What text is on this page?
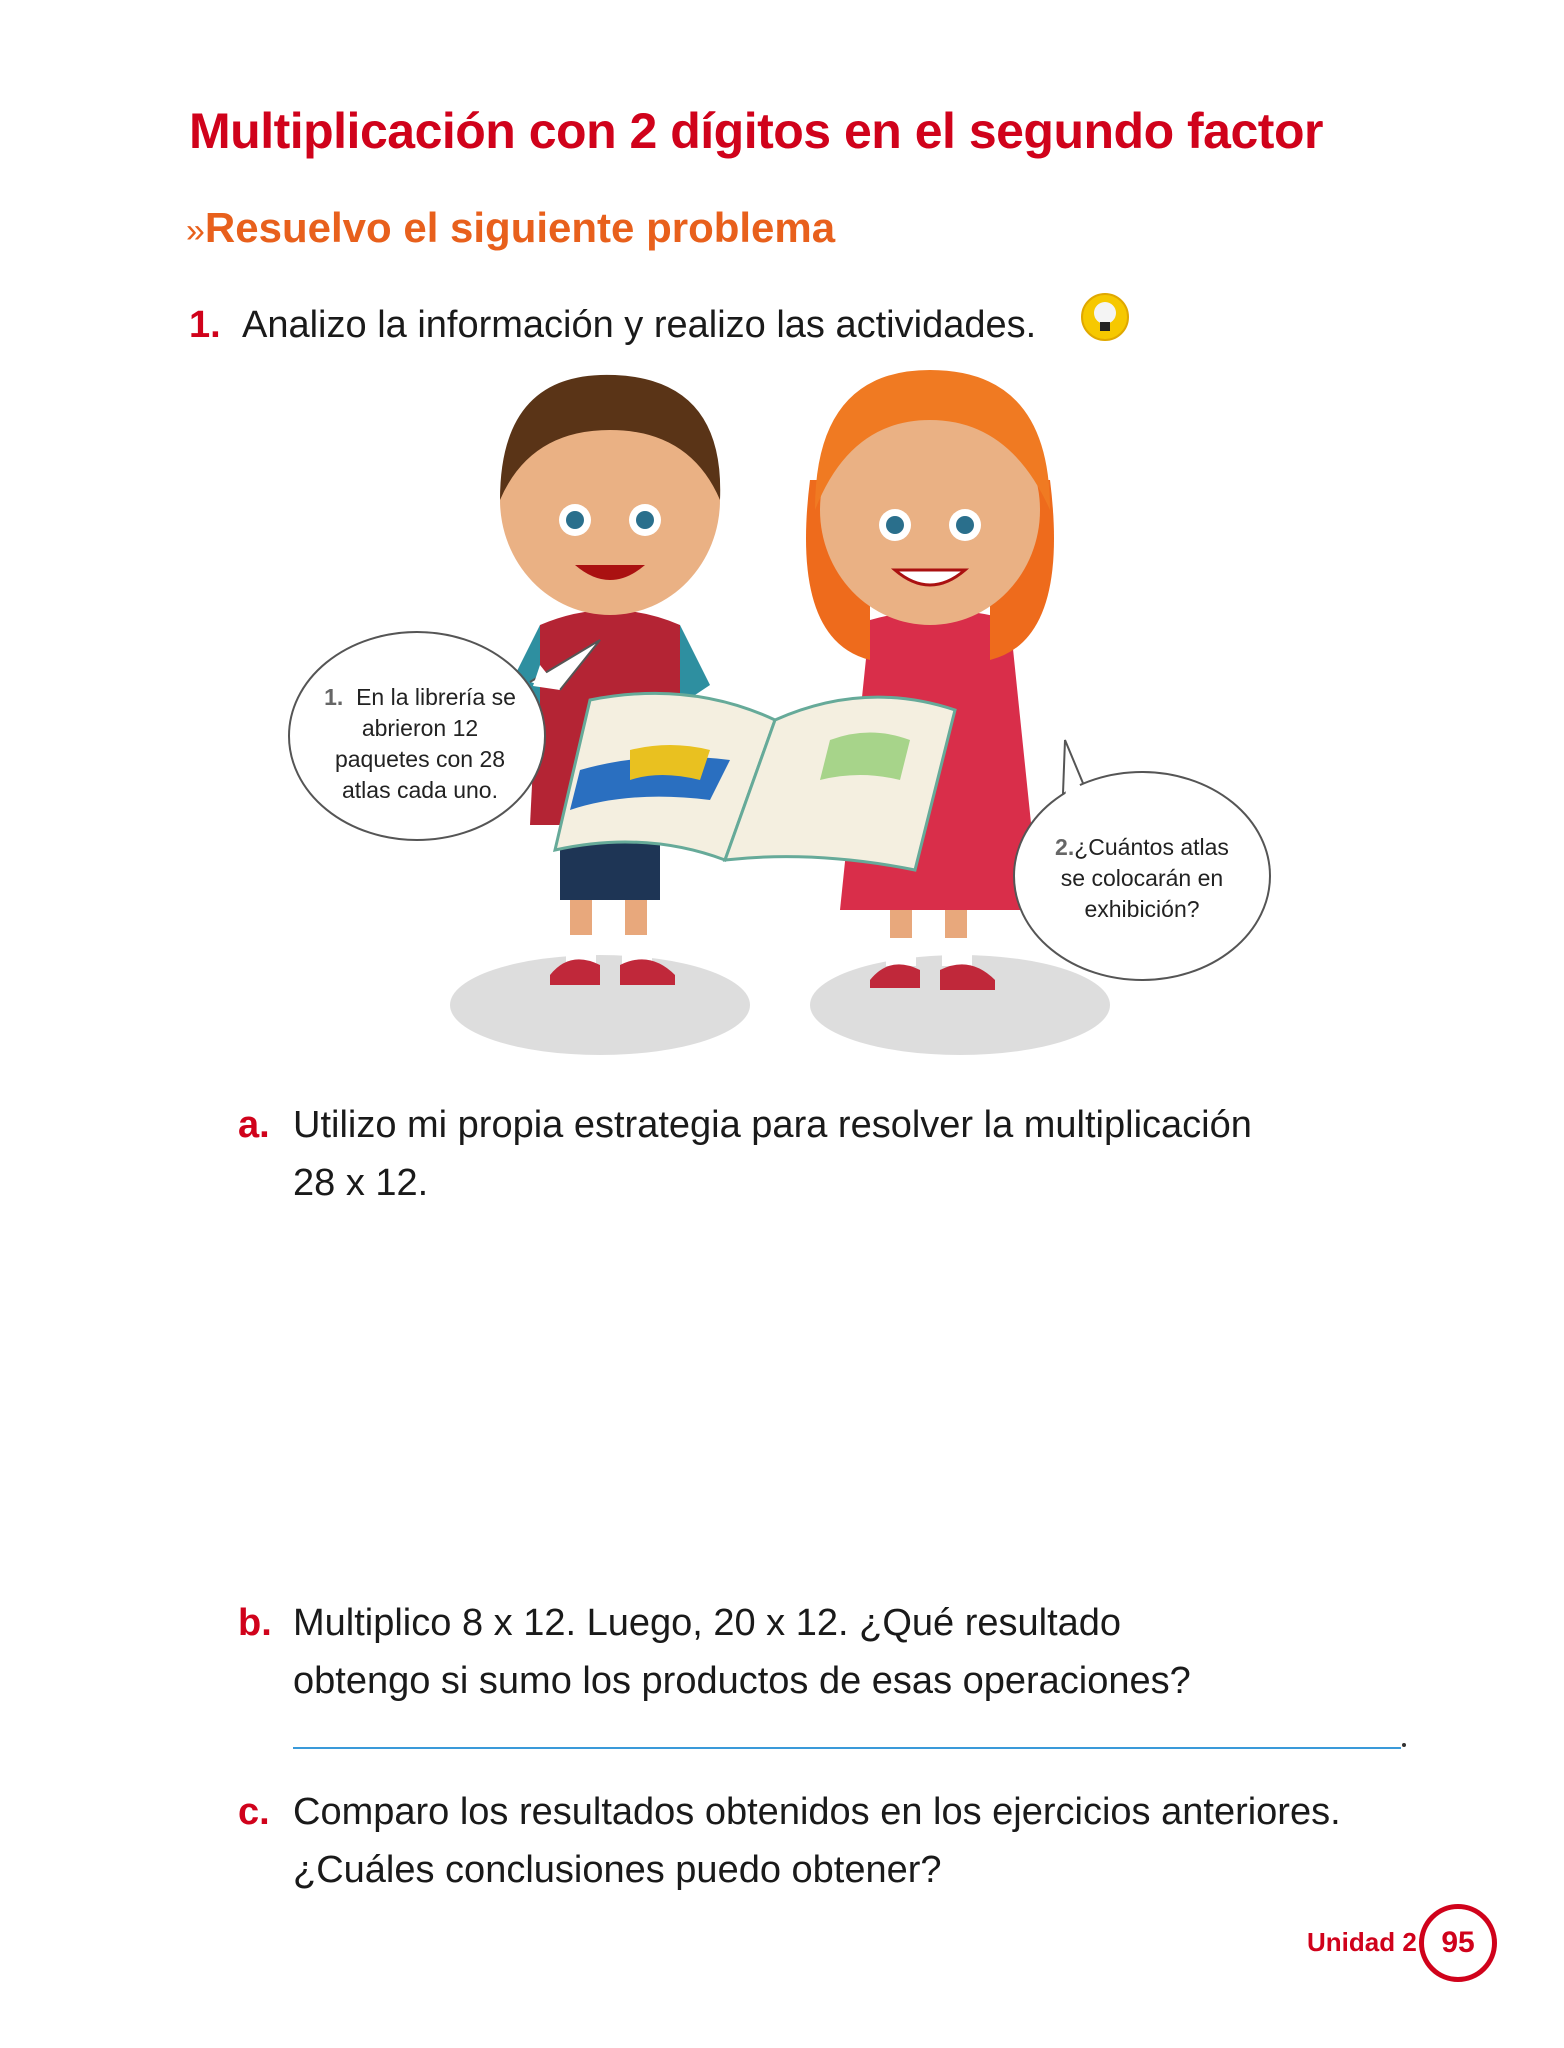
Multiplicación con 2 dígitos en el segundo factor
»Resuelvo el siguiente problema
1. Analizo la información y realizo las actividades.
1. En la librería se abrieron 12 paquetes con 28 atlas cada uno.
2.¿Cuántos atlas se colocarán en exhibición?
a. Utilizo mi propia estrategia para resolver la multiplicación
28 x 12.
b. Multiplico 8 x 12. Luego, 20 x 12. ¿Qué resultado
obtengo si sumo los productos de esas operaciones?
c. Comparo los resultados obtenidos en los ejercicios anteriores.
¿Cuáles conclusiones puedo obtener?
Unidad 2 95
